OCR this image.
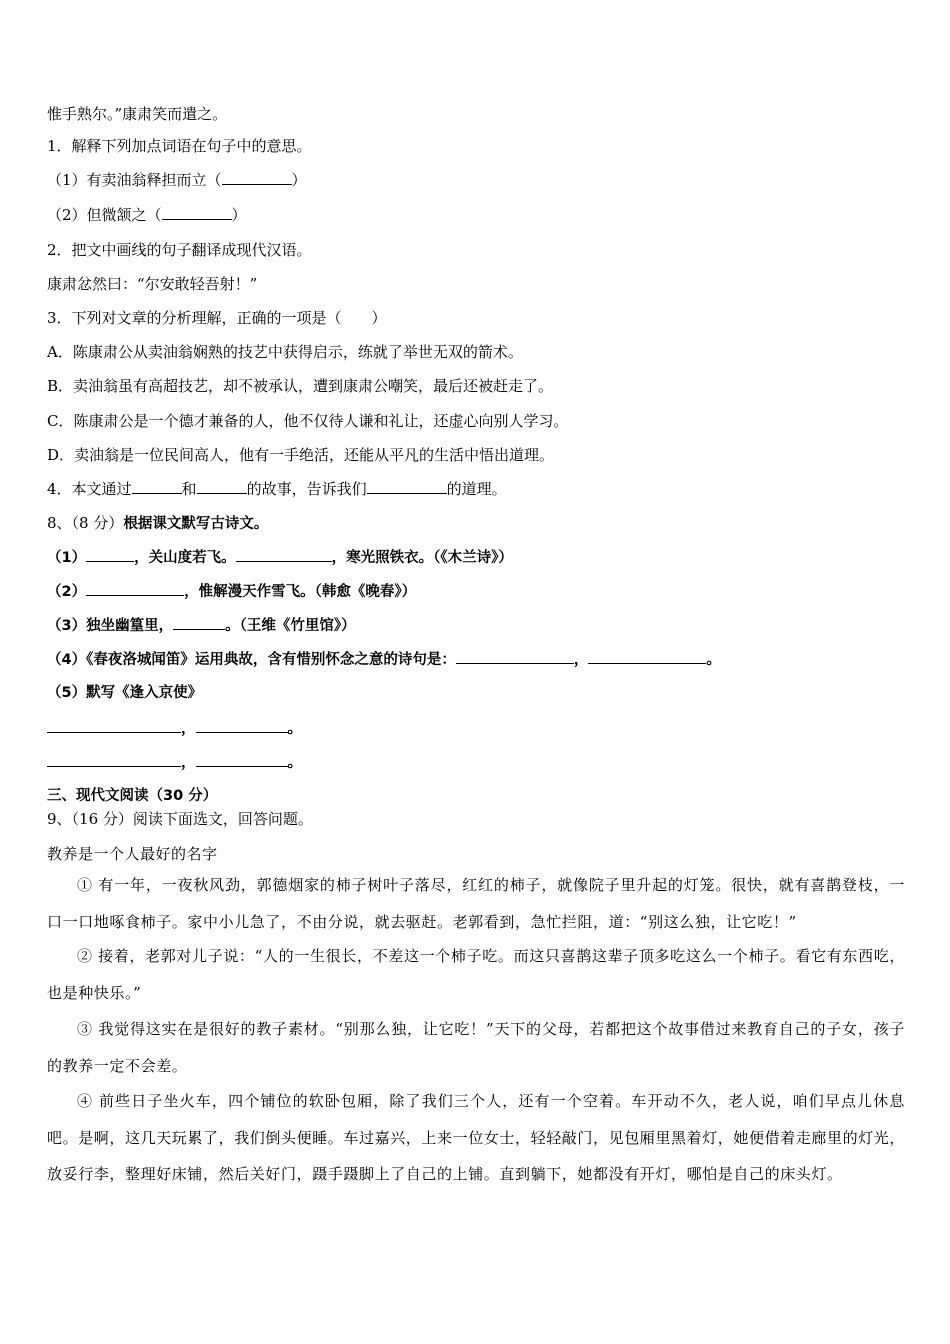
惟手熟尔。”康肃笑而遣之。
1．解释下列加点词语在句子中的意思。
（1）有卖油翁释担而立（	）
（2）但微颔之（	）
2．把文中画线的句子翻译成现代汉语。
康肃忿然曰：“尔安敢轻吾射！”
3．下列对文章的分析理解，正确的一项是（　　）
A．陈康肃公从卖油翁娴熟的技艺中获得启示，练就了举世无双的箭术。
B．卖油翁虽有高超技艺，却不被承认，遭到康肃公嘲笑，最后还被赶走了。
C．陈康肃公是一个德才兼备的人，他不仅待人谦和礼让，还虚心向别人学习。
D．卖油翁是一位民间高人，他有一手绝活，还能从平凡的生活中悟出道理。
4．本文通过	和	的故事，告诉我们	的道理。
8、（8 分）根据课文默写古诗文。
（1）	，关山度若飞。	，寒光照铁衣。（《木兰诗》）
（2）	，惟解漫天作雪飞。（韩愈《晚春》）
（3）独坐幽篁里，	。（王维《竹里馆》）
（4）《春夜洛城闻笛》运用典故，含有惜别怀念之意的诗句是：	，	。
（5）默写《逢入京使》
，	。
，	。
三、现代文阅读（30 分）
9、（16 分）阅读下面选文，回答问题。
教养是一个人最好的名字
① 有一年，一夜秋风劲，郭德烟家的柿子树叶子落尽，红红的柿子，就像院子里升起的灯笼。很快，就有喜鹊登枝，一口一口地啄食柿子。家中小儿急了，不由分说，就去驱赶。老郭看到，急忙拦阻，道：“别这么独，让它吃！”
② 接着，老郭对儿子说：“人的一生很长，不差这一个柿子吃。而这只喜鹊这辈子顶多吃这么一个柿子。看它有东西吃，也是种快乐。”
③ 我觉得这实在是很好的教子素材。“别那么独，让它吃！”天下的父母，若都把这个故事借过来教育自己的子女，孩子的教养一定不会差。
④ 前些日子坐火车，四个铺位的软卧包厢，除了我们三个人，还有一个空着。车开动不久，老人说，咱们早点儿休息吧。是啊，这几天玩累了，我们倒头便睡。车过嘉兴，上来一位女士，轻轻敲门，见包厢里黑着灯，她便借着走廊里的灯光，放妥行李，整理好床铺，然后关好门，蹑手蹑脚上了自己的上铺。直到躺下，她都没有开灯，哪怕是自己的床头灯。
